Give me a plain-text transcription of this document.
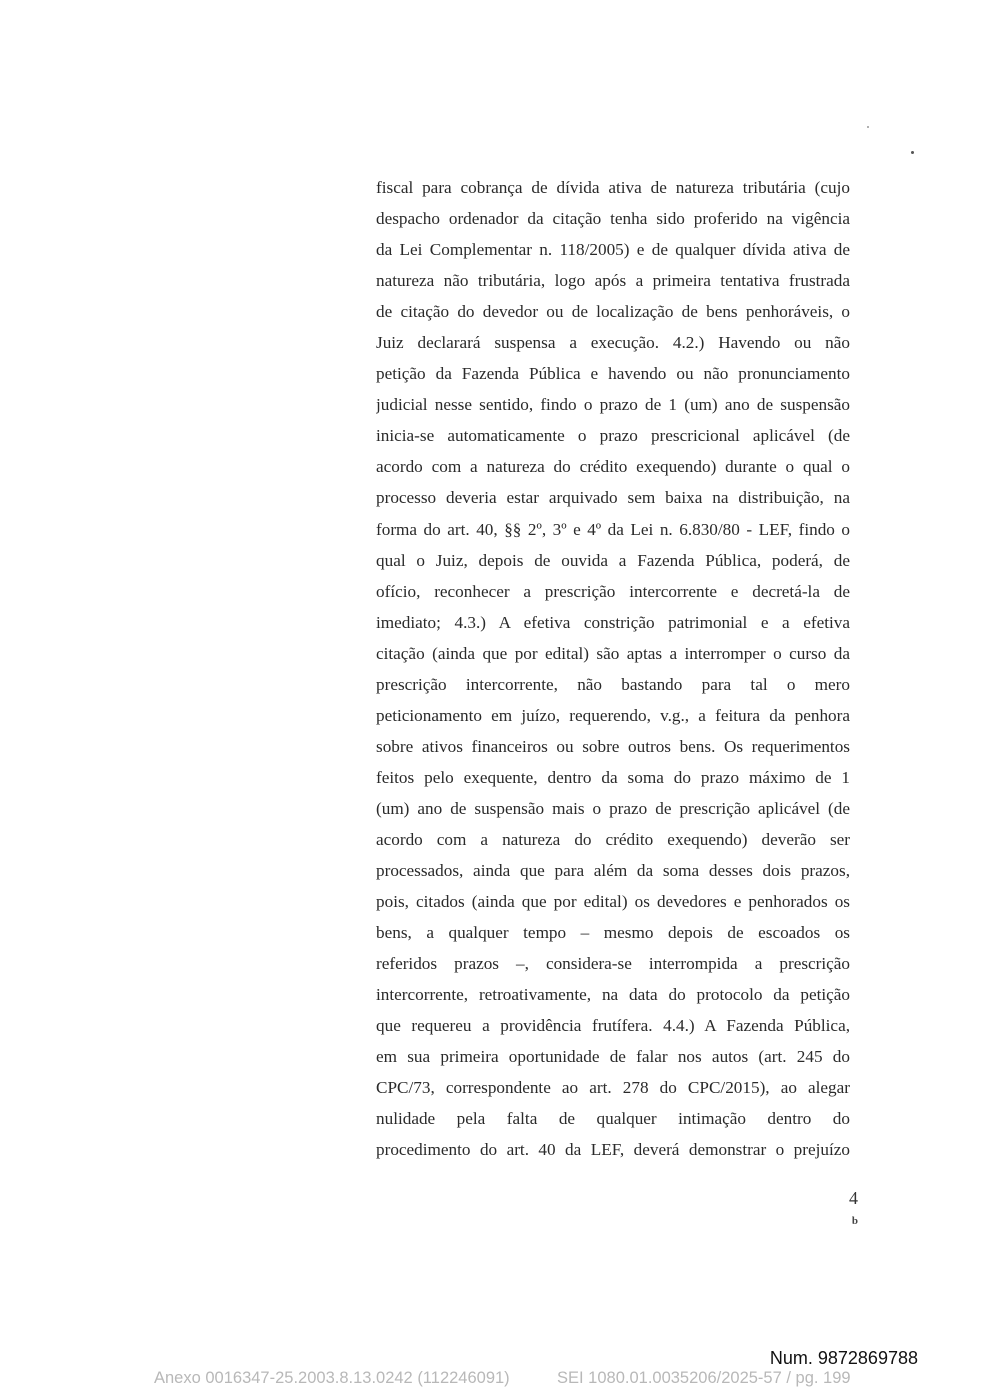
fiscal para cobrança de dívida ativa de natureza tributária (cujo
despacho ordenador da citação tenha sido proferido na vigência
da Lei Complementar n. 118/2005) e de qualquer dívida ativa de
natureza não tributária, logo após a primeira tentativa frustrada
de citação do devedor ou de localização de bens penhoráveis, o
Juiz declarará suspensa a execução. 4.2.) Havendo ou não
petição da Fazenda Pública e havendo ou não pronunciamento
judicial nesse sentido, findo o prazo de 1 (um) ano de suspensão
inicia-se automaticamente o prazo prescricional aplicável (de
acordo com a natureza do crédito exequendo) durante o qual o
processo deveria estar arquivado sem baixa na distribuição, na
forma do art. 40, §§ 2º, 3º e 4º da Lei n. 6.830/80 - LEF, findo o
qual o Juiz, depois de ouvida a Fazenda Pública, poderá, de
ofício, reconhecer a prescrição intercorrente e decretá-la de
imediato; 4.3.) A efetiva constrição patrimonial e a efetiva
citação (ainda que por edital) são aptas a interromper o curso da
prescrição intercorrente, não bastando para tal o mero
peticionamento em juízo, requerendo, v.g., a feitura da penhora
sobre ativos financeiros ou sobre outros bens. Os requerimentos
feitos pelo exequente, dentro da soma do prazo máximo de 1
(um) ano de suspensão mais o prazo de prescrição aplicável (de
acordo com a natureza do crédito exequendo) deverão ser
processados, ainda que para além da soma desses dois prazos,
pois, citados (ainda que por edital) os devedores e penhorados os
bens, a qualquer tempo – mesmo depois de escoados os
referidos prazos –, considera-se interrompida a prescrição
intercorrente, retroativamente, na data do protocolo da petição
que requereu a providência frutífera. 4.4.) A Fazenda Pública,
em sua primeira oportunidade de falar nos autos (art. 245 do
CPC/73, correspondente ao art. 278 do CPC/2015), ao alegar
nulidade pela falta de qualquer intimação dentro do
procedimento do art. 40 da LEF, deverá demonstrar o prejuízo
4
b
Num. 9872869788
Anexo 0016347-25.2003.8.13.0242 (112246091)	SEI 1080.01.0035206/2025-57 / pg. 199
